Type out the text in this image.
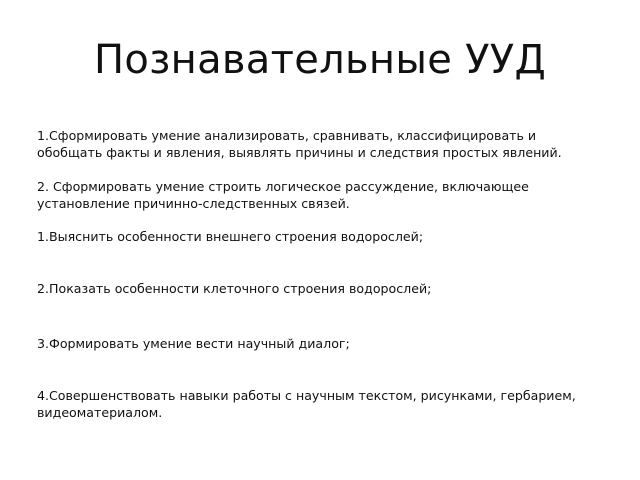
Познавательные УУД

1.Сформировать умение анализировать, сравнивать, классифицировать и обобщать факты и явления, выявлять причины и следствия простых явлений.

2. Сформировать умение строить логическое рассуждение, включающее установление причинно-следственных связей.

1.Выяснить особенности внешнего строения водорослей;

2.Показать особенности клеточного строения водорослей;

3.Формировать умение вести научный диалог;

4.Совершенствовать навыки работы с научным текстом, рисунками, гербарием, видеоматериалом.
